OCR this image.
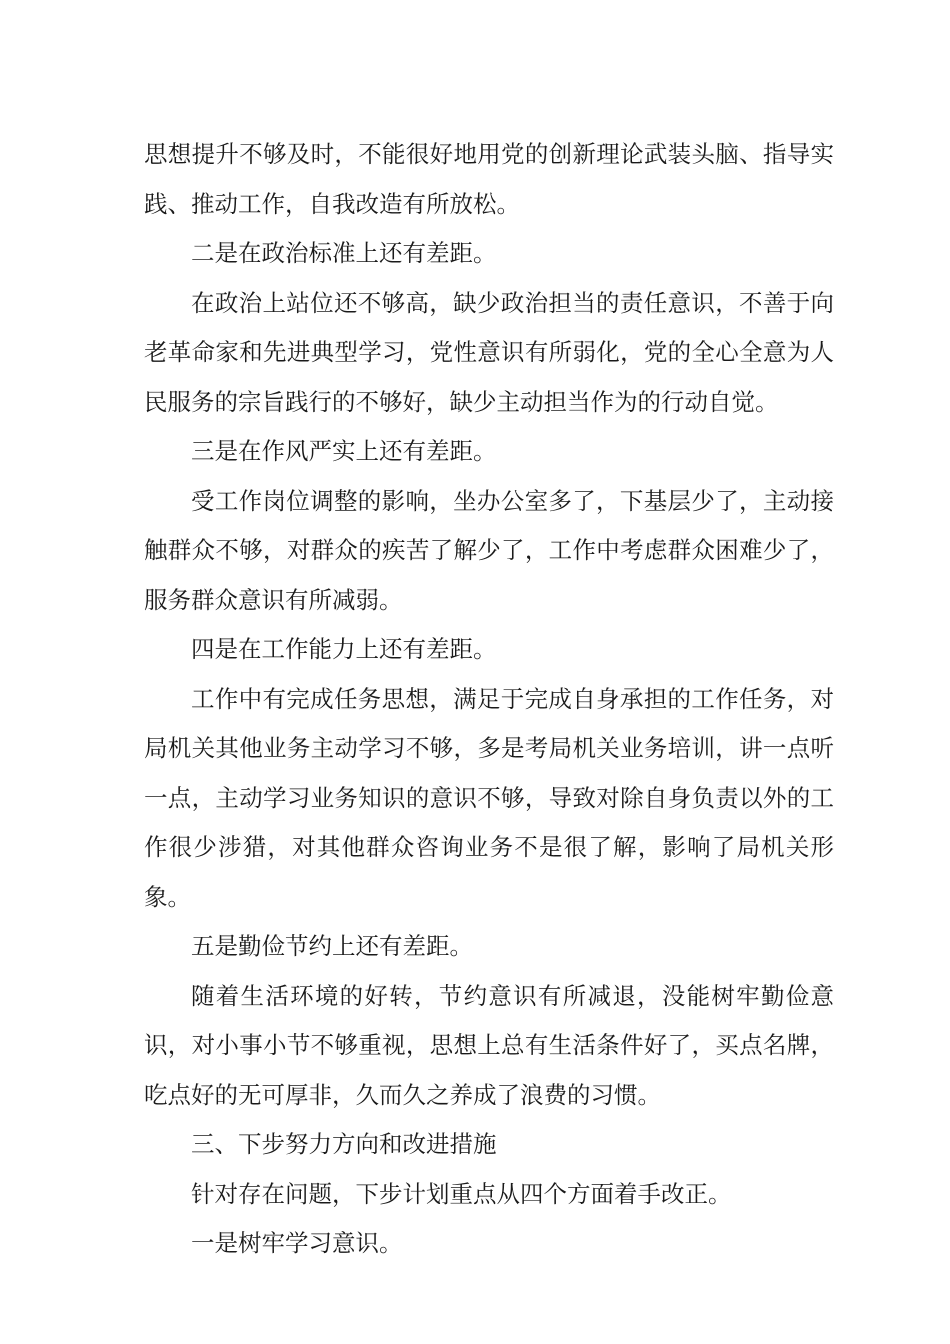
思想提升不够及时，不能很好地用党的创新理论武装头脑、指导实践、推动工作，自我改造有所放松。

二是在政治标准上还有差距。

在政治上站位还不够高，缺少政治担当的责任意识，不善于向老革命家和先进典型学习，党性意识有所弱化，党的全心全意为人民服务的宗旨践行的不够好，缺少主动担当作为的行动自觉。

三是在作风严实上还有差距。

受工作岗位调整的影响，坐办公室多了，下基层少了，主动接触群众不够，对群众的疾苦了解少了，工作中考虑群众困难少了，服务群众意识有所减弱。

四是在工作能力上还有差距。

工作中有完成任务思想，满足于完成自身承担的工作任务，对局机关其他业务主动学习不够，多是考局机关业务培训，讲一点听一点，主动学习业务知识的意识不够，导致对除自身负责以外的工作很少涉猎，对其他群众咨询业务不是很了解，影响了局机关形象。

五是勤俭节约上还有差距。

随着生活环境的好转，节约意识有所减退，没能树牢勤俭意识，对小事小节不够重视，思想上总有生活条件好了，买点名牌，吃点好的无可厚非，久而久之养成了浪费的习惯。

三、下步努力方向和改进措施

针对存在问题，下步计划重点从四个方面着手改正。

一是树牢学习意识。
